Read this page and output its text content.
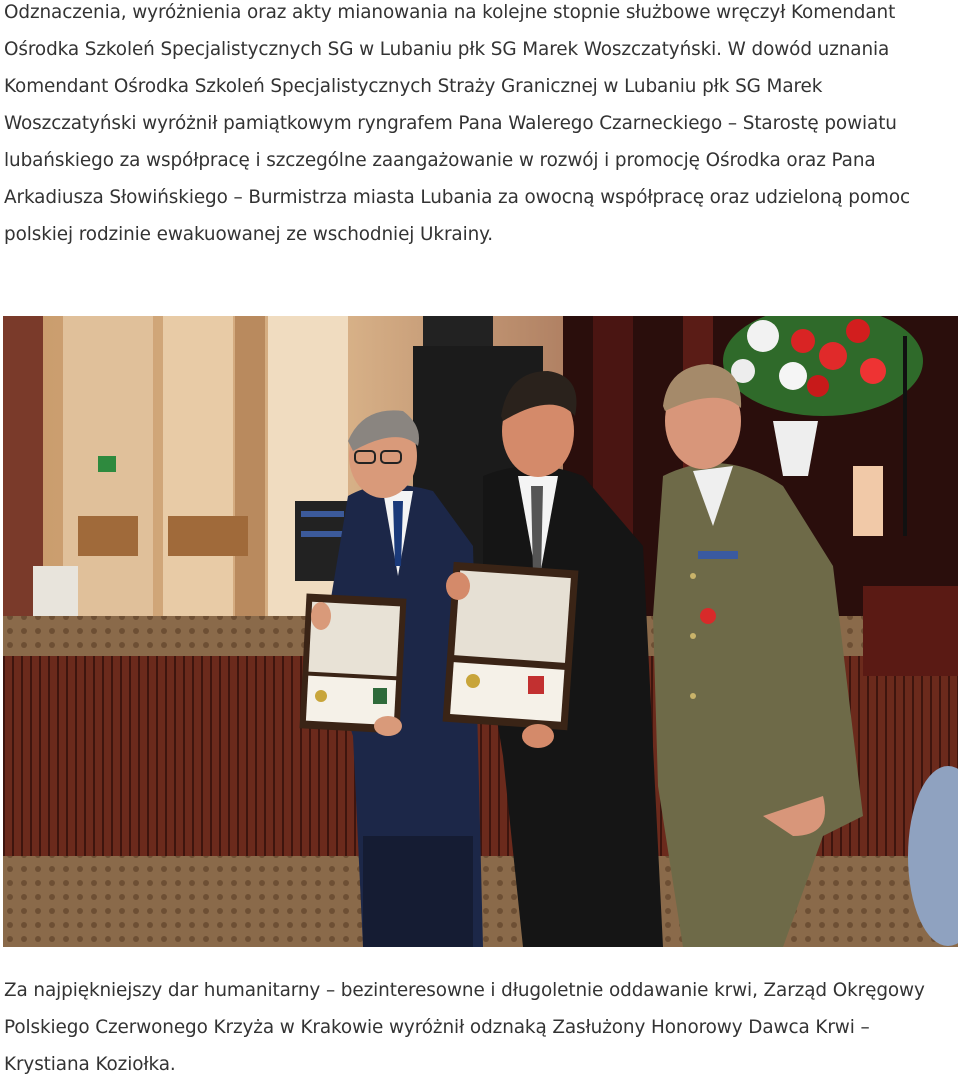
Odznaczenia, wyróżnienia oraz akty mianowania na kolejne stopnie służbowe wręczył Komendant Ośrodka Szkoleń Specjalistycznych SG w Lubaniu płk SG Marek Woszczatyński. W dowód uznania Komendant Ośrodka Szkoleń Specjalistycznych Straży Granicznej w Lubaniu płk SG Marek Woszczatyński wyróżnił pamiątkowym ryngrafem Pana Walerego Czarneckiego – Starostę powiatu lubańskiego za współpracę i szczególne zaangażowanie w rozwój i promocję Ośrodka oraz Pana Arkadiusza Słowińskiego – Burmistrza miasta Lubania za owocną współpracę oraz udzieloną pomoc polskiej rodzinie ewakuowanej ze wschodniej Ukrainy.

Za najpiękniejszy dar humanitarny – bezinteresowne i długoletnie oddawanie krwi, Zarząd Okręgowy Polskiego Czerwonego Krzyża w Krakowie wyróżnił odznaką Zasłużony Honorowy Dawca Krwi – Krystiana Koziołka.
